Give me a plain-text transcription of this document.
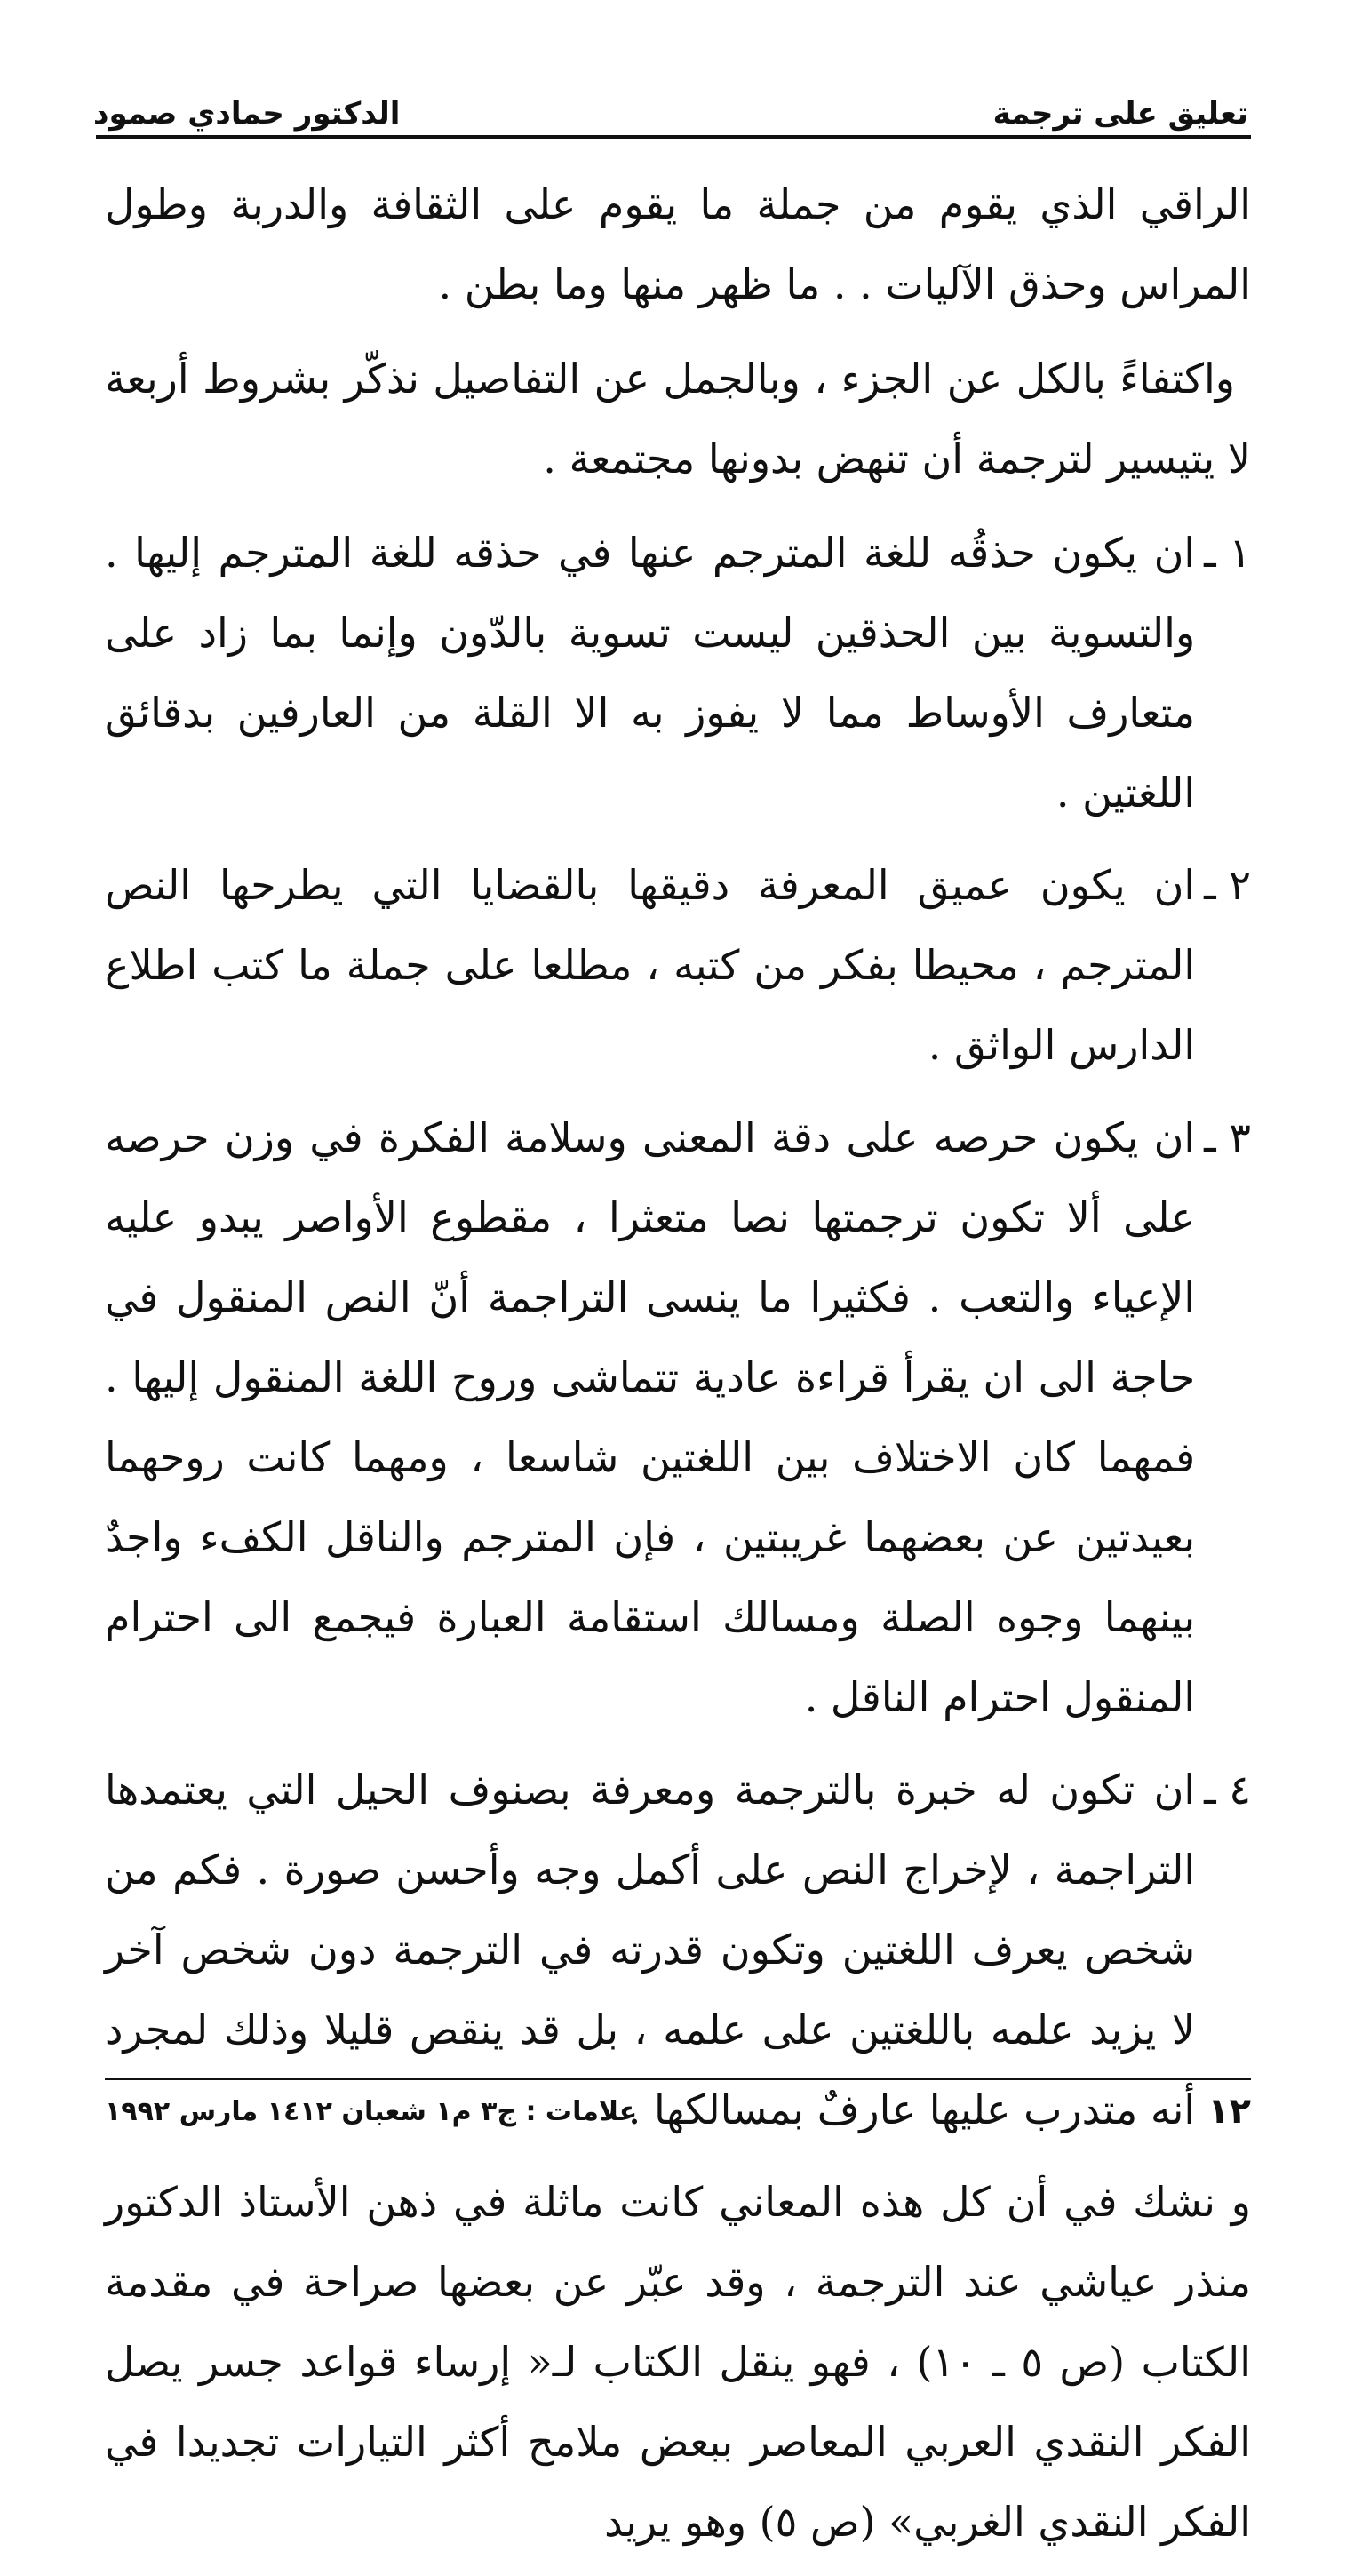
تعليق على ترجمة
الدكتور حمادي صمود

الراقي الذي يقوم من جملة ما يقوم على الثقافة والدربة وطول المراس وحذق الآليات . . ما ظهر منها وما بطن .

واكتفاءً بالكل عن الجزء ، وبالجمل عن التفاصيل نذكّر بشروط أربعة لا يتيسير لترجمة أن تنهض بدونها مجتمعة .

١ ـ
ان يكون حذقُه للغة المترجم عنها في حذقه للغة المترجم إليها . والتسوية بين الحذقين ليست تسوية بالدّون وإنما بما زاد على متعارف الأوساط مما لا يفوز به الا القلة من العارفين بدقائق اللغتين .
٢ ـ
ان يكون عميق المعرفة دقيقها بالقضايا التي يطرحها النص المترجم ، محيطا بفكر من كتبه ، مطلعا على جملة ما كتب اطلاع الدارس الواثق .
٣ ـ
ان يكون حرصه على دقة المعنى وسلامة الفكرة في وزن حرصه على ألا تكون ترجمتها نصا متعثرا ، مقطوع الأواصر يبدو عليه الإعياء والتعب . فكثيرا ما ينسى التراجمة أنّ النص المنقول في حاجة الى ان يقرأ قراءة عادية تتماشى وروح اللغة المنقول إليها . فمهما كان الاختلاف بين اللغتين شاسعا ، ومهما كانت روحهما بعيدتين عن بعضهما غريبتين ، فإن المترجم والناقل الكفء واجدٌ بينهما وجوه الصلة ومسالك استقامة العبارة فيجمع الى احترام المنقول احترام الناقل .
٤ ـ
ان تكون له خبرة بالترجمة ومعرفة بصنوف الحيل التي يعتمدها التراجمة ، لإخراج النص على أكمل وجه وأحسن صورة . فكم من شخص يعرف اللغتين وتكون قدرته في الترجمة دون شخص آخر لا يزيد علمه باللغتين على علمه ، بل قد ينقص قليلا وذلك لمجرد أنه متدرب عليها عارفٌ بمسالكها .

و نشك في أن كل هذه المعاني كانت ماثلة في ذهن الأستاذ الدكتور منذر عياشي عند الترجمة ، وقد عبّر عن بعضها صراحة في مقدمة الكتاب (ص ٥ ـ ١٠) ، فهو ينقل الكتاب لـ« إرساء قواعد جسر يصل الفكر النقدي العربي المعاصر ببعض ملامح أكثر التيارات تجديدا في الفكر النقدي الغربي» (ص ٥) وهو يريد

١٢
علامات : ج٣ م١ شعبان ١٤١٢ مارس ١٩٩٢
